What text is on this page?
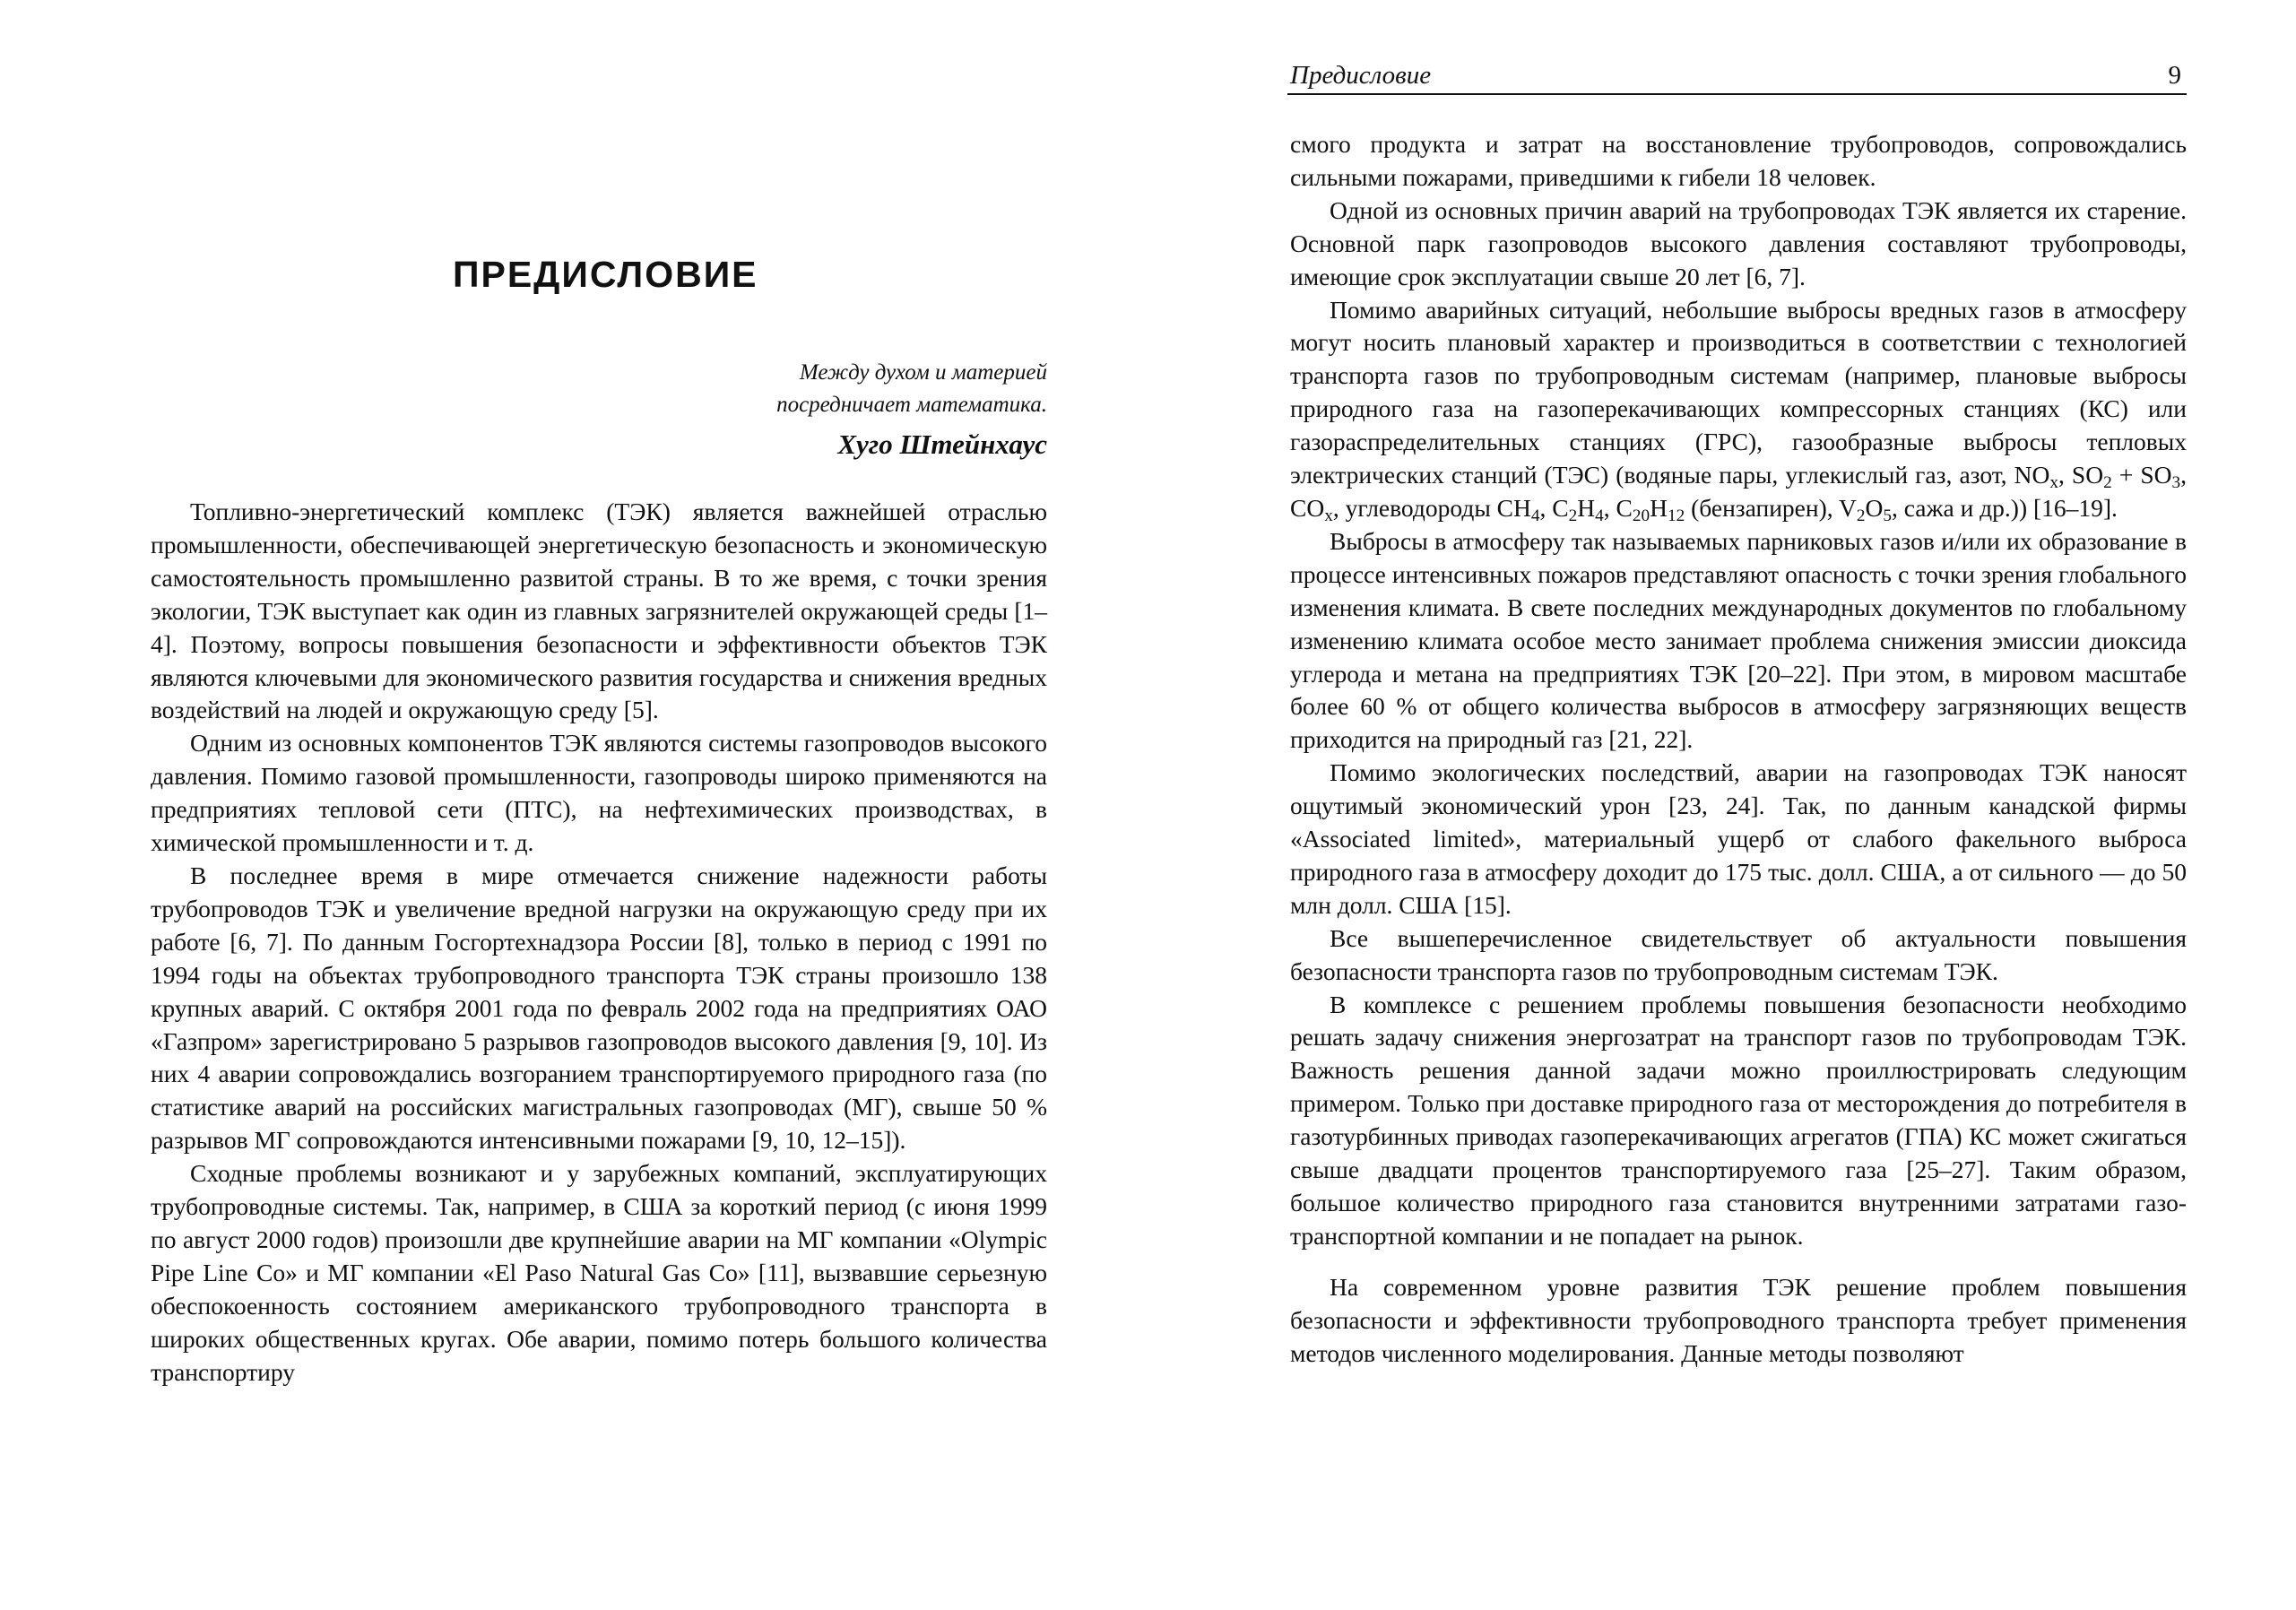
ПРЕДИСЛОВИЕ
Между духом и материей
посредничает математика.
Хуго Штейнхаус

Топливно-энергетический комплекс (ТЭК) является важнейшей отраслью промышленности, обеспечивающей энергетическую безопасность и экономическую самостоятельность промышленно развитой страны. В то же время, с точки зрения экологии, ТЭК выступает как один из главных загрязнителей окружающей среды [1–4]. Поэтому, вопросы повышения безопасности и эффективности объектов ТЭК являются ключевыми для экономического развития государства и снижения вредных воздействий на людей и окружающую среду [5].

Одним из основных компонентов ТЭК являются системы газопроводов высокого давления. Помимо газовой промышленности, газопроводы широко применяются на предприятиях тепловой сети (ПТС), на нефтехимических производствах, в химической промышленности и т. д.

В последнее время в мире отмечается снижение надежности работы трубопроводов ТЭК и увеличение вредной нагрузки на окружающую среду при их работе [6, 7]. По данным Госгортехнадзора России [8], только в период с 1991 по 1994 годы на объектах трубопроводного транспорта ТЭК страны произошло 138 крупных аварий. С октября 2001 года по февраль 2002 года на предприятиях ОАО «Газпром» зарегистрировано 5 разрывов газопроводов высокого давления [9, 10]. Из них 4 аварии сопровождались возгоранием транспортируемого природного газа (по статистике аварий на российских магистральных газопроводах (МГ), свыше 50 % разрывов МГ сопровождаются интенсивными пожарами [9, 10, 12–15]).

Сходные проблемы возникают и у зарубежных компаний, эксплуатирующих трубопроводные системы. Так, например, в США за короткий период (с июня 1999 по август 2000 годов) произошли две крупнейшие аварии на МГ компании «Olympic Pipe Line Co» и МГ компании «El Paso Natural Gas Co» [11], вызвавшие серьезную обеспокоенность состоянием американского трубопроводного транспорта в широких общественных кругах. Обе аварии, помимо потерь большого количества транспортиру

Предисловие	9

смого продукта и затрат на восстановление трубопроводов, сопровождались сильными пожарами, приведшими к гибели 18 человек.

Одной из основных причин аварий на трубопроводах ТЭК является их старение. Основной парк газопроводов высокого давления составляют трубопроводы, имеющие срок эксплуатации свыше 20 лет [6, 7].

Помимо аварийных ситуаций, небольшие выбросы вредных газов в атмосферу могут носить плановый характер и производиться в соответствии с технологией транспорта газов по трубопроводным системам (например, плановые выбросы природного газа на газоперекачивающих компрессорных станциях (КС) или газораспределительных станциях (ГРС), газообразные выбросы тепловых электрических станций (ТЭС) (водяные пары, углекислый газ, азот, $NO_x$, $SO_2 + SO_3$, $CO_x$, углеводороды $CH_4$, $C_2H_4$, $C_{20}H_{12}$ (бензапирен), $V_2O_5$, сажа и др.)) [16–19].

Выбросы в атмосферу так называемых парниковых газов и/или их образование в процессе интенсивных пожаров представляют опасность с точки зрения глобального изменения климата. В свете последних международных документов по глобальному изменению климата особое место занимает проблема снижения эмиссии диоксида углерода и метана на предприятиях ТЭК [20–22]. При этом, в мировом масштабе более 60 % от общего количества выбросов в атмосферу загрязняющих веществ приходится на природный газ [21, 22].

Помимо экологических последствий, аварии на газопроводах ТЭК наносят ощутимый экономический урон [23, 24]. Так, по данным канадской фирмы «Associated limited», материальный ущерб от слабого факельного выброса природного газа в атмосферу доходит до 175 тыс. долл. США, а от сильного — до 50 млн долл. США [15].

Все вышеперечисленное свидетельствует об актуальности повышения безопасности транспорта газов по трубопроводным системам ТЭК.

В комплексе с решением проблемы повышения безопасности необходимо решать задачу снижения энергозатрат на транспорт газов по трубопроводам ТЭК. Важность решения данной задачи можно проиллюстрировать следующим примером. Только при доставке природного газа от месторождения до потребителя в газотурбинных приводах газоперекачивающих агрегатов (ГПА) КС может сжигаться свыше двадцати процентов транспортируемого газа [25–27]. Таким образом, большое количество природного газа становится внутренними затратами газотранспортной компании и не попадает на рынок.

На современном уровне развития ТЭК решение проблем повышения безопасности и эффективности трубопроводного транспорта требует применения методов численного моделирования. Данные методы позволяют
